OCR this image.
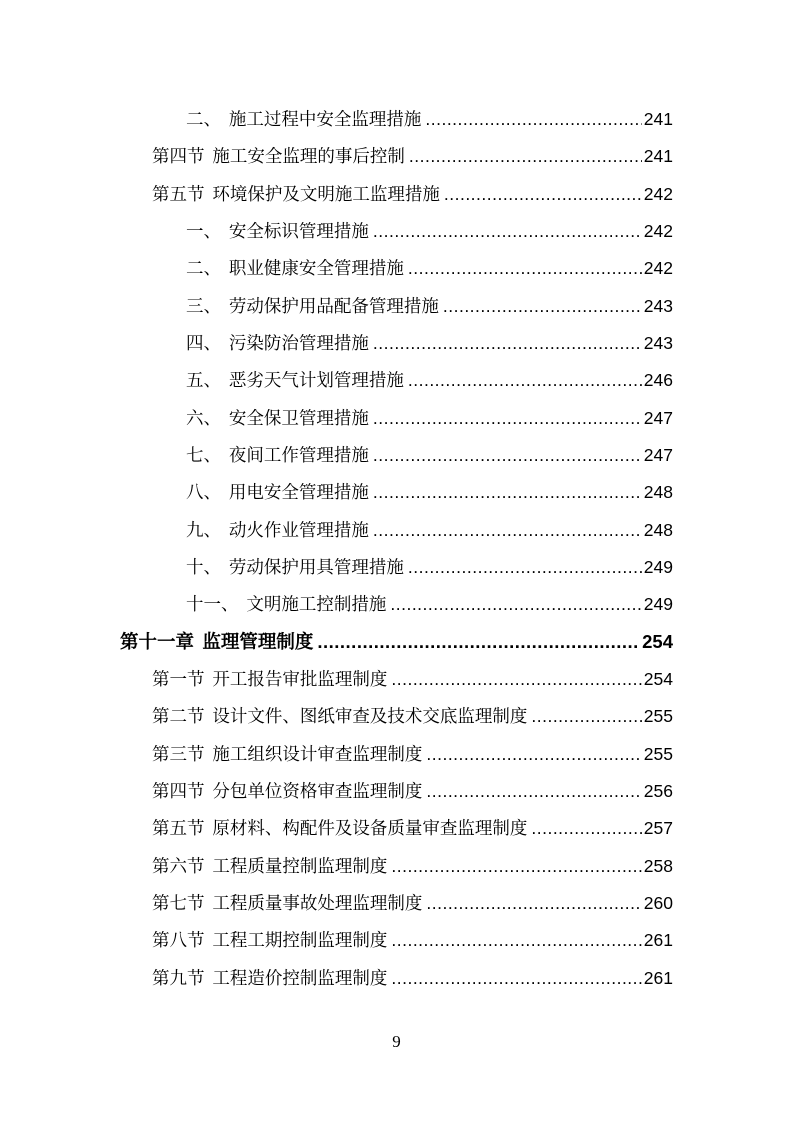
二、 施工过程中安全监理措施 .....	241
第四节 施工安全监理的事后控制 .....	241
第五节 环境保护及文明施工监理措施 .....	242
一、 安全标识管理措施 .....	242
二、 职业健康安全管理措施 .....	242
三、 劳动保护用品配备管理措施 .....	243
四、 污染防治管理措施 .....	243
五、 恶劣天气计划管理措施 .....	246
六、 安全保卫管理措施 .....	247
七、 夜间工作管理措施 .....	247
八、 用电安全管理措施 .....	248
九、 动火作业管理措施 .....	248
十、 劳动保护用具管理措施 .....	249
十一、 文明施工控制措施 .....	249
第十一章 监理管理制度 .....	254
第一节 开工报告审批监理制度 .....	254
第二节 设计文件、图纸审查及技术交底监理制度 .....	255
第三节 施工组织设计审查监理制度 .....	255
第四节 分包单位资格审查监理制度 .....	256
第五节 原材料、构配件及设备质量审查监理制度 .....	257
第六节 工程质量控制监理制度 .....	258
第七节 工程质量事故处理监理制度 .....	260
第八节 工程工期控制监理制度 .....	261
第九节 工程造价控制监理制度 .....	261
9
